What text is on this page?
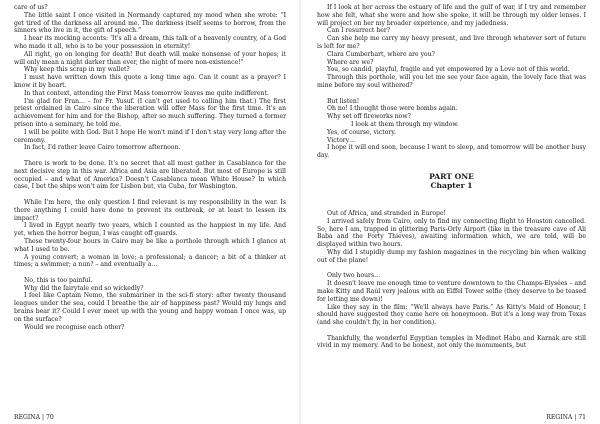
care of us?

The little saint I once visited in Normandy captured my mood when she wrote: “I get tired of the darkness all around me. The darkness itself seems to borrow, from the sinners who live in it, the gift of speech.”

I hear its mocking accents: ‘It's all a dream, this talk of a heavenly country, of a God who made it all, who is to be your possession in eternity!

All right, go on longing for death! But death will make nonsense of your hopes; it will only mean a night darker than ever, the night of mere non-existence!”

Why keep this scrap in my wallet?

I must have written down this quote a long time ago. Can it count as a prayer? I know it by heart.

In that context, attending the First Mass tomorrow leaves me quite indifferent.

I'm glad for Fran... – for Fr. Yusuf. (I can't get used to calling him that.) The first priest ordained in Cairo since the liberation will offer Mass for the first time. It's an achievement for him and for the Bishop, after so much suffering. They turned a former prison into a seminary, he told me.

I will be polite with God. But I hope He won't mind if I don't stay very long after the ceremony.

In fact, I'd rather leave Cairo tomorrow afternoon.

There is work to be done. It's no secret that all must gather in Casablanca for the next decisive step in this war. Africa and Asia are liberated. But most of Europe is still occupied – and what of America? Doesn't Casablanca mean White House? In which case, I bet the ships won't aim for Lisbon but, via Cuba, for Washington.

While I'm here, the only question I find relevant is my responsibility in the war. Is there anything I could have done to prevent its outbreak, or at least to lessen its impact?

I lived in Egypt nearly two years, which I counted as the happiest in my life. And yet, when the horror begun, I was caught off guards.

These twenty-four hours in Cairo may be like a porthole through which I glance at what I used to be.

A young convert; a woman in love; a professional; a dancer; a bit of a thinker at times; a swimmer; a nun? – and eventually a…

No, this is too painful.

Why did the fairytale end so wickedly?

I feel like Captain Nemo, the submariner in the sci-fi story: after twenty thousand leagues under the sea, could I breathe the air of happiness past? Would my lungs and brains bear it? Could I ever meet up with the young and happy woman I once was, up on the surface?

Would we recognise each other?

REGINA | 70

If I look at her across the estuary of life and the gulf of war, if I try and remember how she felt, what she wore and how she spoke, it will be through my older lenses. I will project on her my broader experience, and my jadedness.

Can I resurrect her?

Can she help me carry my heavy present, and live through whatever sort of future is left for me?

Clara Cumberhart, where are you?

Where are we?

You, so candid, playful, fragile and yet empowered by a Love not of this world.

Through this porthole, will you let me see your face again, the lovely face that was mine before my soul withered?

But listen!

Oh no! I thought those were bombs again.

Why set off fireworks now?

I look at them through my window.

Yes, of course, victory.

Victory…

I hope it will end soon, because I want to sleep, and tomorrow will be another busy day.

PART ONE
Chapter 1

Out of Africa, and stranded in Europe!

I arrived safely from Cairo, only to find my connecting flight to Houston cancelled. So, here I am, trapped in glittering Paris-Orly Airport (like in the treasure cave of Ali Baba and the Forty Thieves), awaiting information which, we are told, will be displayed within two hours.

Why did I stupidly dump my fashion magazines in the recycling bin when walking out of the plane!

Only two hours…

It doesn't leave me enough time to venture downtown to the Champs-Elysées – and make Kitty and Raúl very jealous with an Eiffel Tower selfie (they deserve to be teased for letting me down)!

Like they say in the film: “We'll always have Paris.” As Kitty's Maid of Honour, I should have suggested they came here on honeymoon. But it's a long way from Texas (and she couldn't fly, in her condition).

Thankfully, the wonderful Egyptian temples in Medinet Habu and Karnak are still vivid in my memory. And to be honest, not only the monuments, but

REGINA | 71
